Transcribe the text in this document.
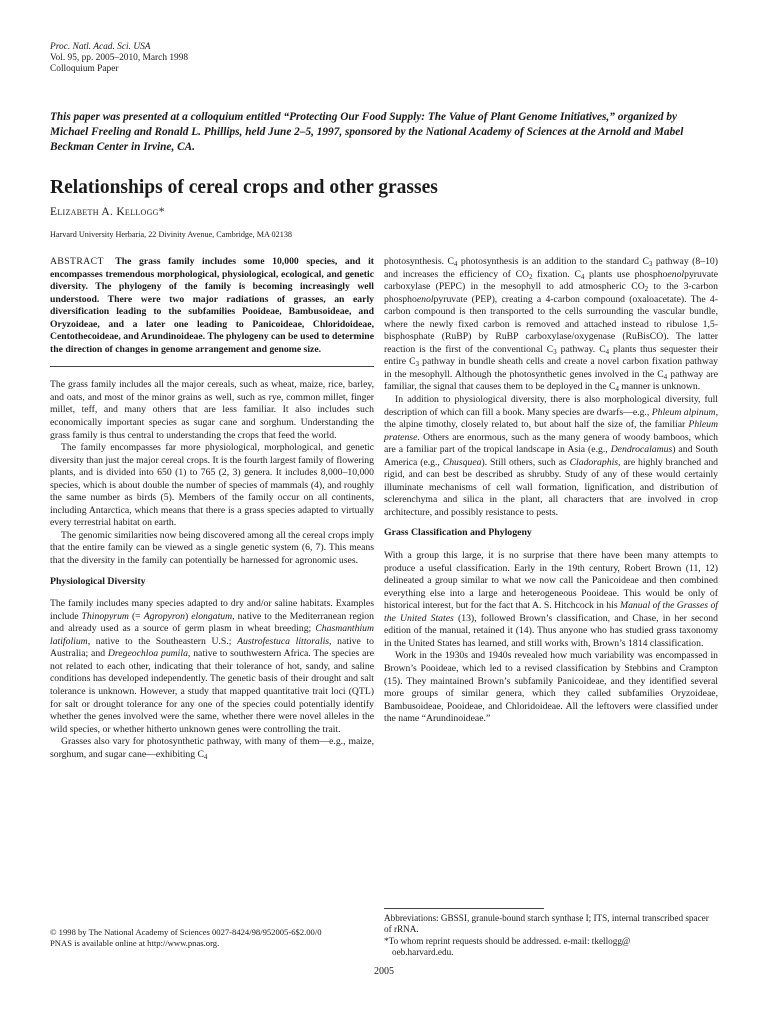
Proc. Natl. Acad. Sci. USA
Vol. 95, pp. 2005–2010, March 1998
Colloquium Paper
This paper was presented at a colloquium entitled “Protecting Our Food Supply: The Value of Plant Genome Initiatives,” organized by Michael Freeling and Ronald L. Phillips, held June 2–5, 1997, sponsored by the National Academy of Sciences at the Arnold and Mabel Beckman Center in Irvine, CA.
Relationships of cereal crops and other grasses
Elizabeth A. Kellogg*
Harvard University Herbaria, 22 Divinity Avenue, Cambridge, MA 02138

ABSTRACT The grass family includes some 10,000 species, and it encompasses tremendous morphological, physiological, ecological, and genetic diversity. The phylogeny of the family is becoming increasingly well understood. There were two major radiations of grasses, an early diversification leading to the subfamilies Pooideae, Bambusoideae, and Oryzoideae, and a later one leading to Panicoideae, Chloridoideae, Centothecoideae, and Arundinoideae. The phylogeny can be used to determine the direction of changes in genome arrangement and genome size.

The grass family includes all the major cereals, such as wheat, maize, rice, barley, and oats, and most of the minor grains as well, such as rye, common millet, finger millet, teff, and many others that are less familiar. It also includes such economically important species as sugar cane and sorghum. Understanding the grass family is thus central to understanding the crops that feed the world.

The family encompasses far more physiological, morphological, and genetic diversity than just the major cereal crops. It is the fourth largest family of flowering plants, and is divided into 650 (1) to 765 (2, 3) genera. It includes 8,000–10,000 species, which is about double the number of species of mammals (4), and roughly the same number as birds (5). Members of the family occur on all continents, including Antarctica, which means that there is a grass species adapted to virtually every terrestrial habitat on earth.

The genomic similarities now being discovered among all the cereal crops imply that the entire family can be viewed as a single genetic system (6, 7). This means that the diversity in the family can potentially be harnessed for agronomic uses.

Physiological Diversity

The family includes many species adapted to dry and/or saline habitats. Examples include Thinopyrum (= Agropyron) elongatum, native to the Mediterranean region and already used as a source of germ plasm in wheat breeding; Chasmanthium latifolium, native to the Southeastern U.S.; Austrofestuca littoralis, native to Australia; and Dregeochloa pumila, native to southwestern Africa. The species are not related to each other, indicating that their tolerance of hot, sandy, and saline conditions has developed independently. The genetic basis of their drought and salt tolerance is unknown. However, a study that mapped quantitative trait loci (QTL) for salt or drought tolerance for any one of the species could potentially identify whether the genes involved were the same, whether there were novel alleles in the wild species, or whether hitherto unknown genes were controlling the trait.

Grasses also vary for photosynthetic pathway, with many of them—e.g., maize, sorghum, and sugar cane—exhibiting $C_4$

photosynthesis. $C_4$ photosynthesis is an addition to the standard $C_3$ pathway (8–10) and increases the efficiency of $CO_2$ fixation. $C_4$ plants use phosphoenolpyruvate carboxylase (PEPC) in the mesophyll to add atmospheric $CO_2$ to the 3-carbon phosphoenolpyruvate (PEP), creating a 4-carbon compound (oxaloacetate). The 4-carbon compound is then transported to the cells surrounding the vascular bundle, where the newly fixed carbon is removed and attached instead to ribulose 1,5-bisphosphate (RuBP) by RuBP carboxylase/oxygenase (RuBisCO). The latter reaction is the first of the conventional $C_3$ pathway. $C_4$ plants thus sequester their entire $C_3$ pathway in bundle sheath cells and create a novel carbon fixation pathway in the mesophyll. Although the photosynthetic genes involved in the $C_4$ pathway are familiar, the signal that causes them to be deployed in the $C_4$ manner is unknown.

In addition to physiological diversity, there is also morphological diversity, full description of which can fill a book. Many species are dwarfs—e.g., Phleum alpinum, the alpine timothy, closely related to, but about half the size of, the familiar Phleum pratense. Others are enormous, such as the many genera of woody bamboos, which are a familiar part of the tropical landscape in Asia (e.g., Dendrocalamus) and South America (e.g., Chusquea). Still others, such as Cladoraphis, are highly branched and rigid, and can best be described as shrubby. Study of any of these would certainly illuminate mechanisms of cell wall formation, lignification, and distribution of sclerenchyma and silica in the plant, all characters that are involved in crop architecture, and possibly resistance to pests.

Grass Classification and Phylogeny

With a group this large, it is no surprise that there have been many attempts to produce a useful classification. Early in the 19th century, Robert Brown (11, 12) delineated a group similar to what we now call the Panicoideae and then combined everything else into a large and heterogeneous Pooideae. This would be only of historical interest, but for the fact that A. S. Hitchcock in his Manual of the Grasses of the United States (13), followed Brown’s classification, and Chase, in her second edition of the manual, retained it (14). Thus anyone who has studied grass taxonomy in the United States has learned, and still works with, Brown’s 1814 classification.

Work in the 1930s and 1940s revealed how much variability was encompassed in Brown’s Pooideae, which led to a revised classification by Stebbins and Crampton (15). They maintained Brown’s subfamily Panicoideae, and they identified several more groups of similar genera, which they called subfamilies Oryzoideae, Bambusoideae, Pooideae, and Chloridoideae. All the leftovers were classified under the name “Arundinoideae.”

Abbreviations: GBSSI, granule-bound starch synthase I; ITS, internal transcribed spacer of rRNA.
*To whom reprint requests should be addressed. e-mail: tkellogg@
oeb.harvard.edu.
© 1998 by The National Academy of Sciences 0027-8424/98/952005-6$2.00/0
PNAS is available online at http://www.pnas.org.
2005
